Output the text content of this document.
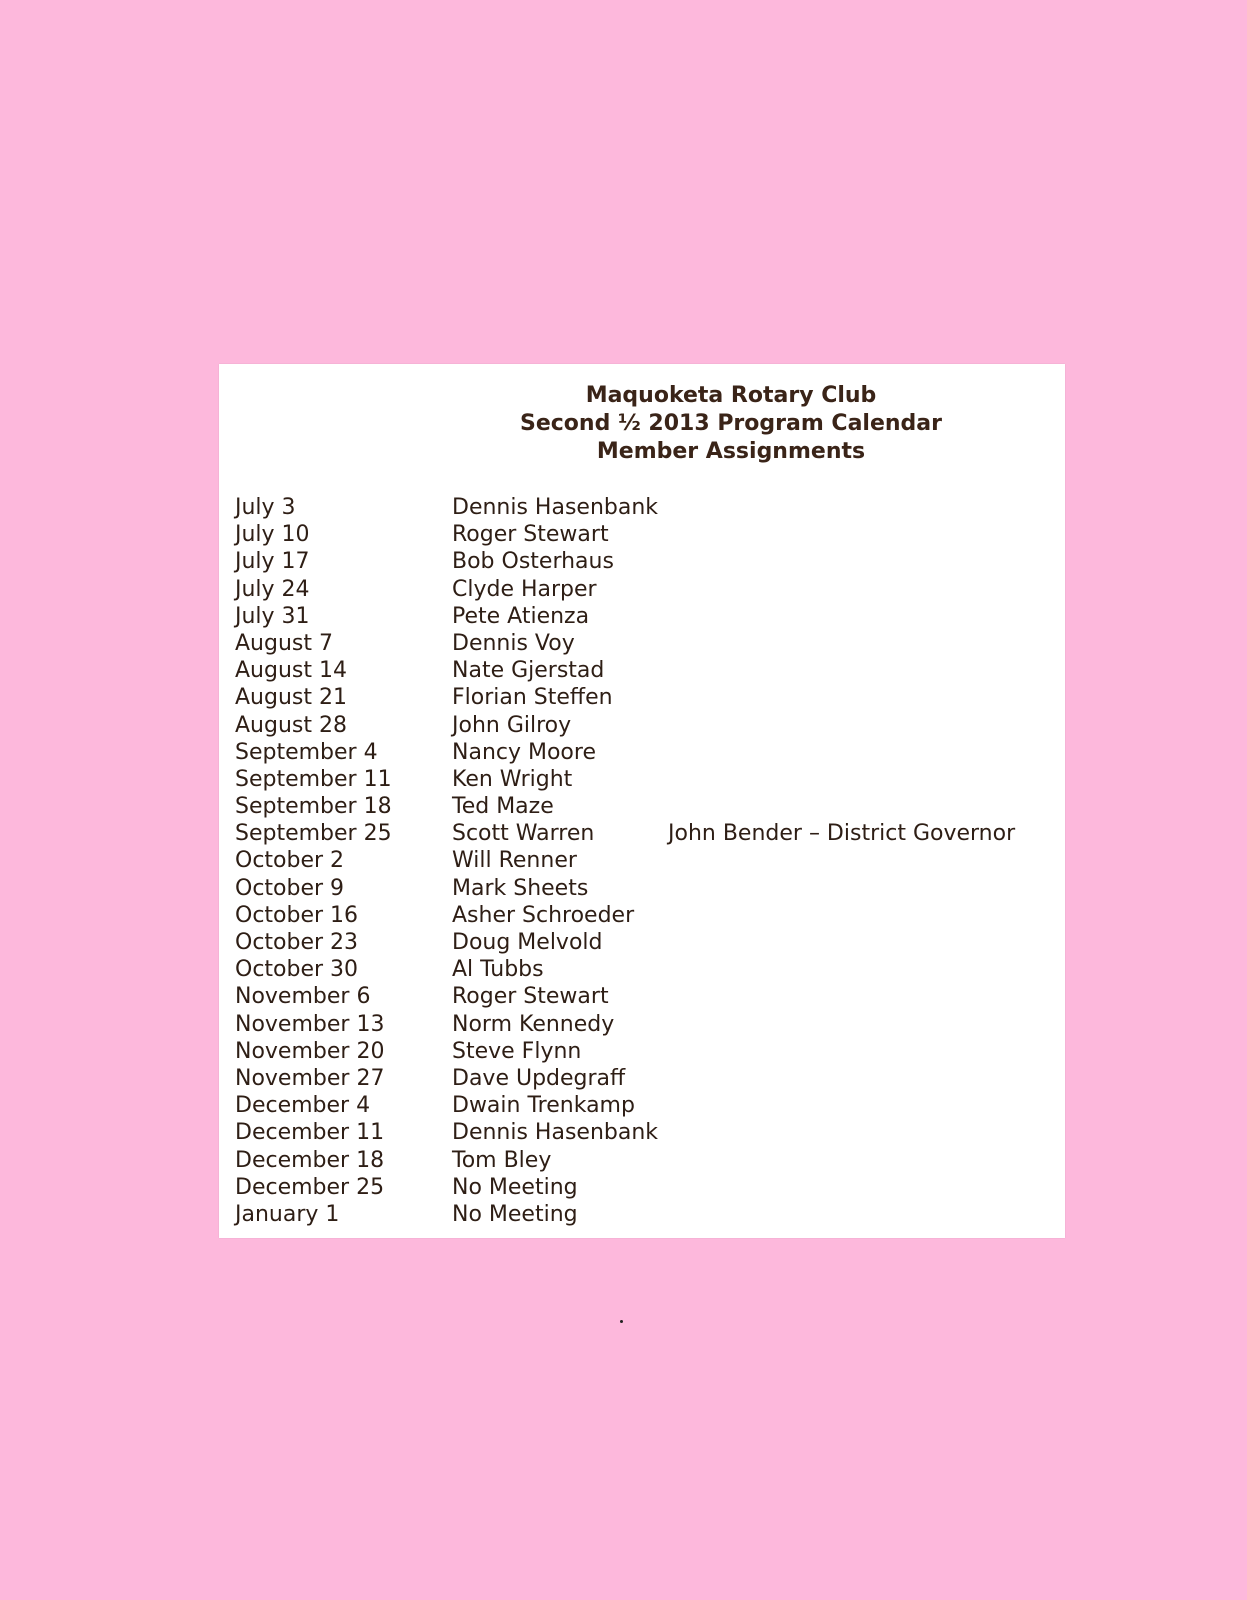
Maquoketa Rotary Club
Second ½ 2013 Program Calendar
Member Assignments
July 3	Dennis Hasenbank
July 10	Roger Stewart
July 17	Bob Osterhaus
July 24	Clyde Harper
July 31	Pete Atienza
August 7	Dennis Voy
August 14	Nate Gjerstad
August 21	Florian Steffen
August 28	John Gilroy
September 4	Nancy Moore
September 11	Ken Wright
September 18	Ted Maze
September 25	Scott Warren	John Bender – District Governor
October 2	Will Renner
October 9	Mark Sheets
October 16	Asher Schroeder
October 23	Doug Melvold
October 30	Al Tubbs
November 6	Roger Stewart
November 13	Norm Kennedy
November 20	Steve Flynn
November 27	Dave Updegraff
December 4	Dwain Trenkamp
December 11	Dennis Hasenbank
December 18	Tom Bley
December 25	No Meeting
January 1	No Meeting
